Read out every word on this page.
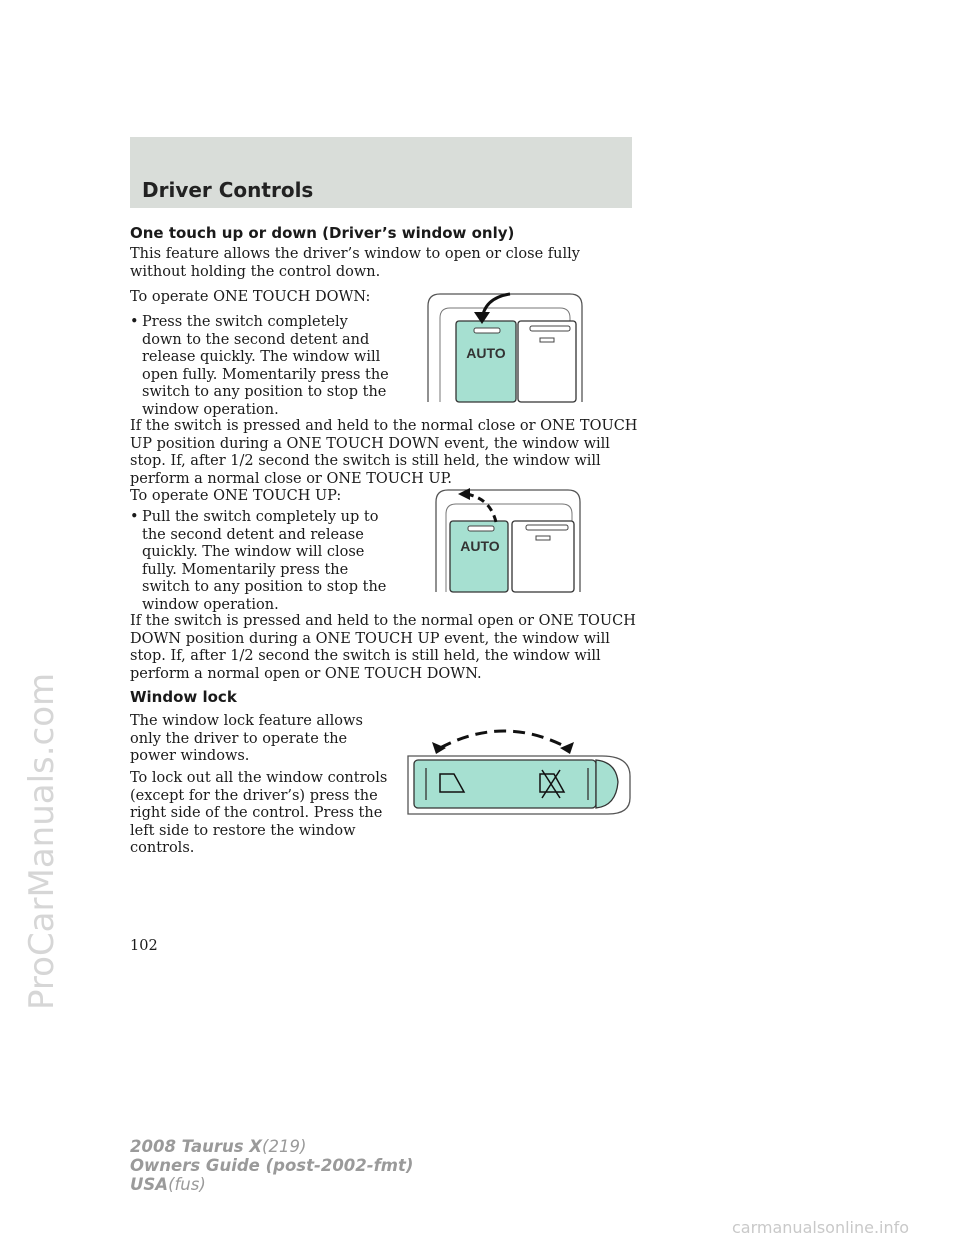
Driver Controls
ProCarManuals.com
One touch up or down (Driver’s window only)

This feature allows the driver’s window to open or close fully without holding the control down.

To operate ONE TOUCH DOWN:

• Press the switch completely down to the second detent and release quickly. The window will open fully. Momentarily press the switch to any position to stop the window operation.

If the switch is pressed and held to the normal close or ONE TOUCH UP position during a ONE TOUCH DOWN event, the window will stop. If, after 1/2 second the switch is still held, the window will perform a normal close or ONE TOUCH UP.

AUTO

To operate ONE TOUCH UP:

• Pull the switch completely up to the second detent and release quickly. The window will close fully. Momentarily press the switch to any position to stop the window operation.

If the switch is pressed and held to the normal open or ONE TOUCH DOWN position during a ONE TOUCH UP event, the window will stop. If, after 1/2 second the switch is still held, the window will perform a normal open or ONE TOUCH DOWN.

AUTO
Window lock

The window lock feature allows only the driver to operate the power windows.

To lock out all the window controls (except for the driver’s) press the right side of the control. Press the left side to restore the window controls.

102

2008 Taurus X(219)
Owners Guide (post-2002-fmt)
USA(fus)
carmanualsonline.info
